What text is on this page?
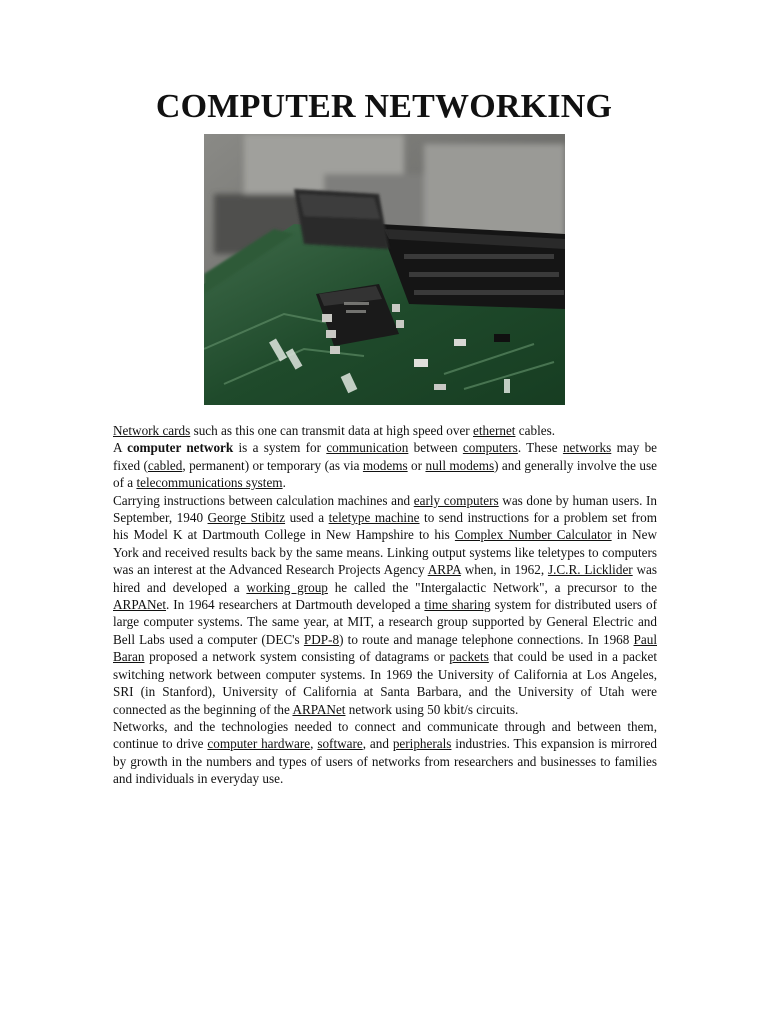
COMPUTER NETWORKING

Network cards such as this one can transmit data at high speed over ethernet cables.

A computer network is a system for communication between computers. These networks may be fixed (cabled, permanent) or temporary (as via modems or null modems) and generally involve the use of a telecommunications system.

Carrying instructions between calculation machines and early computers was done by human users. In September, 1940 George Stibitz used a teletype machine to send instructions for a problem set from his Model K at Dartmouth College in New Hampshire to his Complex Number Calculator in New York and received results back by the same means. Linking output systems like teletypes to computers was an interest at the Advanced Research Projects Agency ARPA when, in 1962, J.C.R. Licklider was hired and developed a working group he called the "Intergalactic Network", a precursor to the ARPANet. In 1964 researchers at Dartmouth developed a time sharing system for distributed users of large computer systems. The same year, at MIT, a research group supported by General Electric and Bell Labs used a computer (DEC's PDP-8) to route and manage telephone connections. In 1968 Paul Baran proposed a network system consisting of datagrams or packets that could be used in a packet switching network between computer systems. In 1969 the University of California at Los Angeles, SRI (in Stanford), University of California at Santa Barbara, and the University of Utah were connected as the beginning of the ARPANet network using 50 kbit/s circuits.

Networks, and the technologies needed to connect and communicate through and between them, continue to drive computer hardware, software, and peripherals industries. This expansion is mirrored by growth in the numbers and types of users of networks from researchers and businesses to families and individuals in everyday use.
